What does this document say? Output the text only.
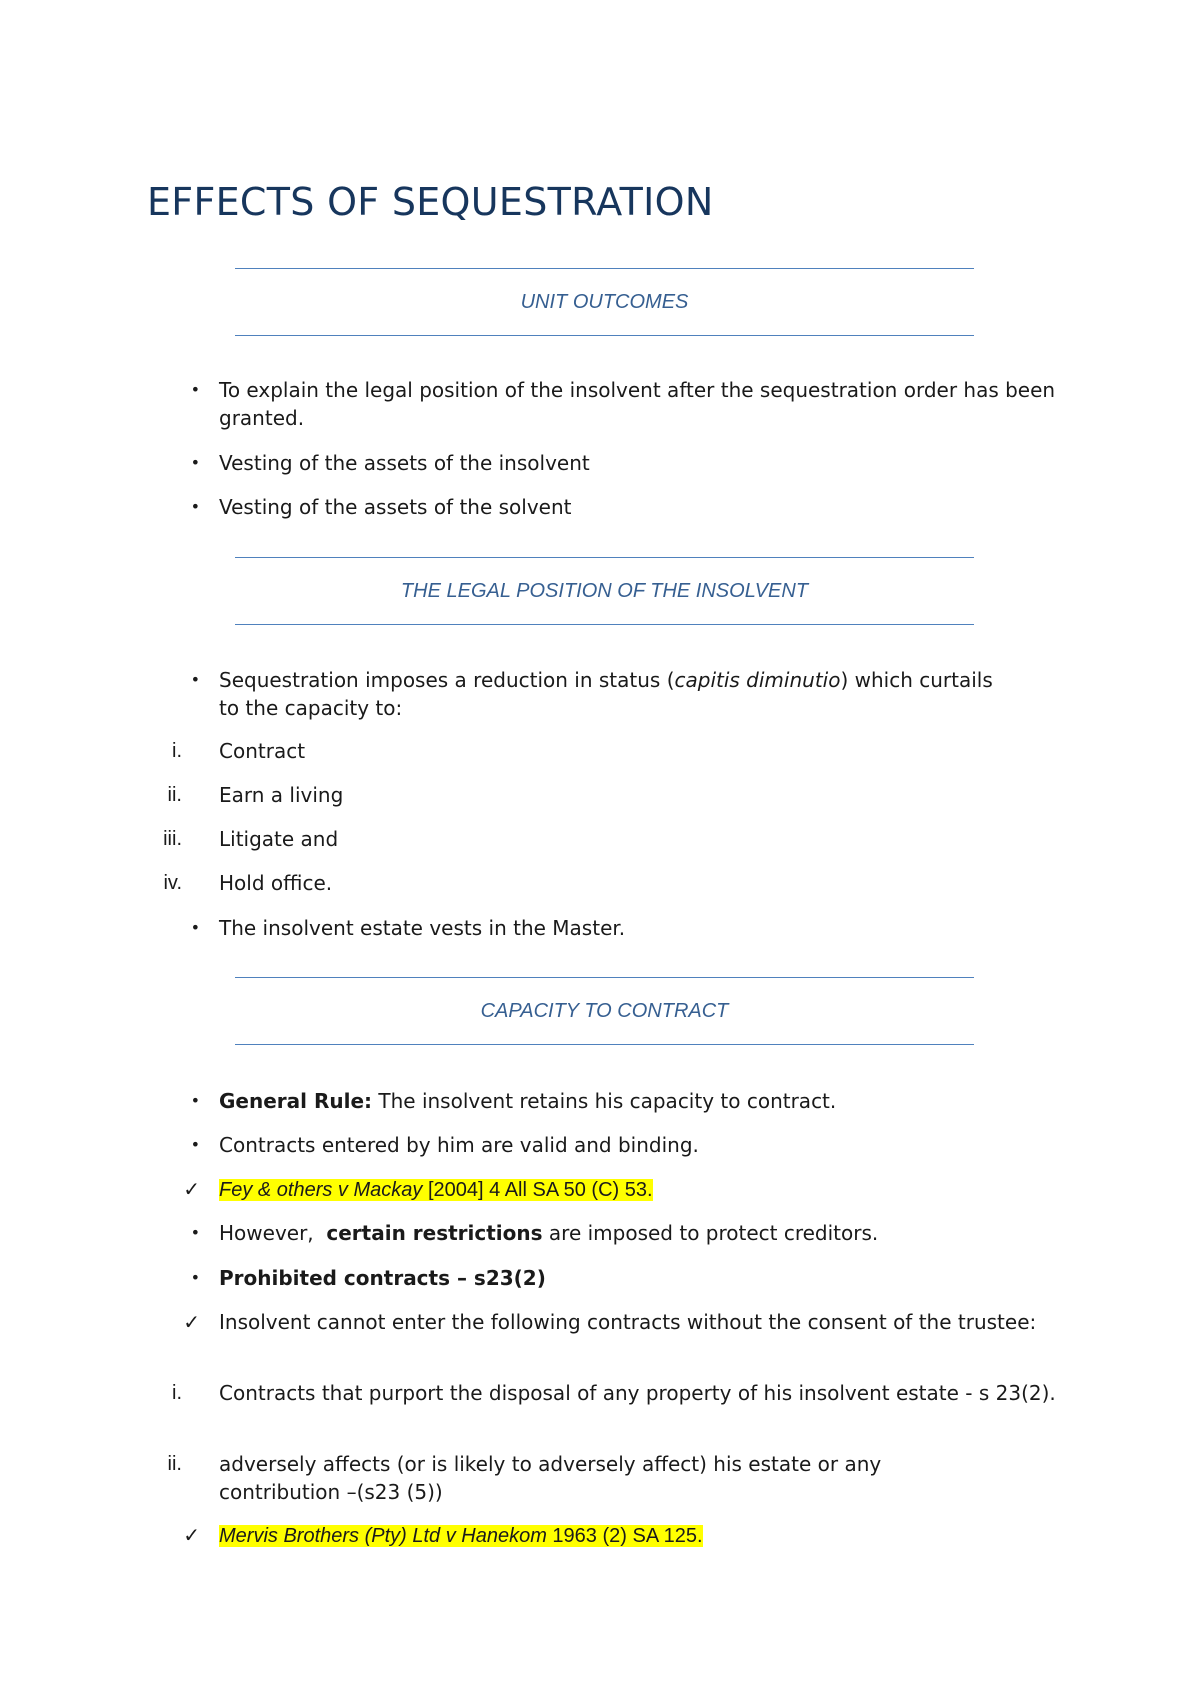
EFFECTS OF SEQUESTRATION
UNIT OUTCOMES
• To explain the legal position of the insolvent after the sequestration order has been granted.
• Vesting of the assets of the insolvent
• Vesting of the assets of the solvent
THE LEGAL POSITION OF THE INSOLVENT
• Sequestration imposes a reduction in status (capitis diminutio) which curtails to the capacity to:
i. Contract
ii. Earn a living
iii. Litigate and
iv. Hold office.
• The insolvent estate vests in the Master.
CAPACITY TO CONTRACT
• General Rule: The insolvent retains his capacity to contract.
• Contracts entered by him are valid and binding.
✓ Fey & others v Mackay [2004] 4 All SA 50 (C) 53.
• However,  certain restrictions are imposed to protect creditors.
• Prohibited contracts – s23(2)
✓ Insolvent cannot enter the following contracts without the consent of the trustee:
i. Contracts that purport the disposal of any property of his insolvent estate - s 23(2).
ii. adversely affects (or is likely to adversely affect) his estate or any contribution –(s23 (5))
✓ Mervis Brothers (Pty) Ltd v Hanekom 1963 (2) SA 125.
